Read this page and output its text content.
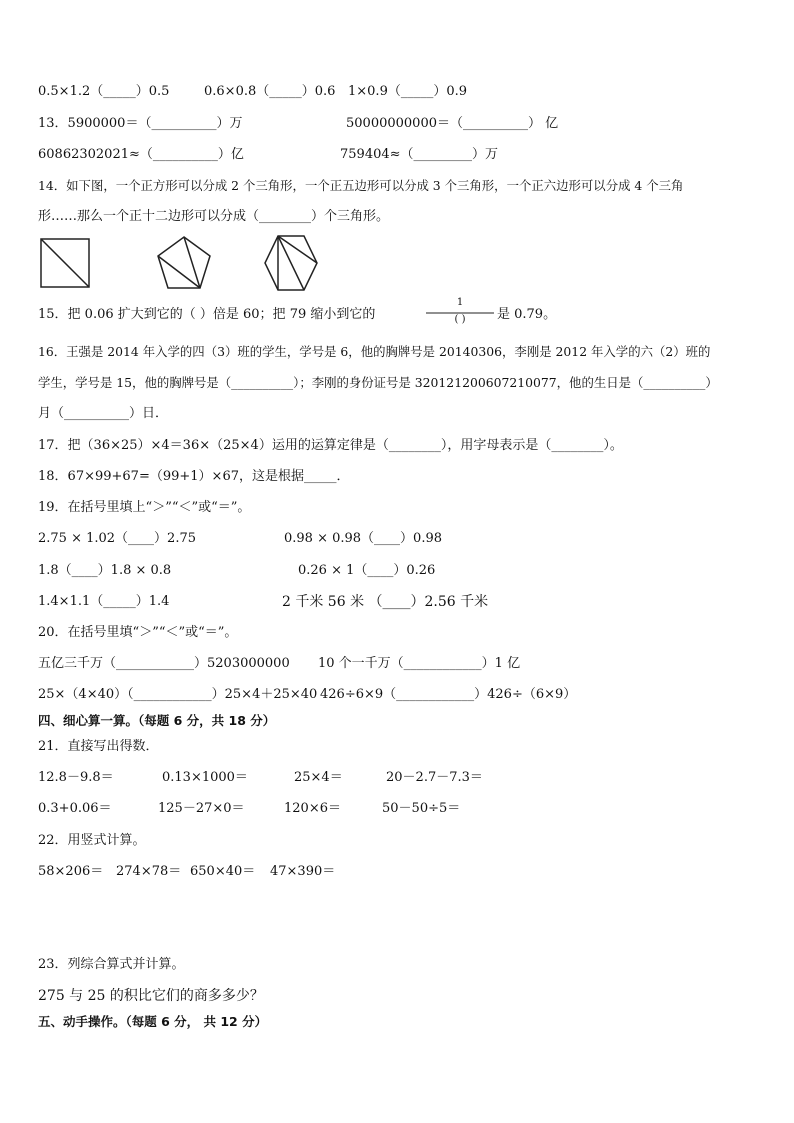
0.5×1.2（_____）0.5	0.6×0.8（_____）0.6 1×0.9（_____）0.9
13．5900000＝（__________）万	50000000000＝（__________） 亿
60862302021≈（__________）亿	759404≈（_________）万
14．如下图，一个正方形可以分成 2 个三角形，一个正五边形可以分成 3 个三角形，一个正六边形可以分成 4 个三角
形……那么一个正十二边形可以分成（________）个三角形。
15．把 0.06 扩大到它的（ ）倍是 60；把 79 缩小到它的
1
( )	是 0.79。
16．王强是 2014 年入学的四（3）班的学生，学号是 6，他的胸牌号是 20140306，李刚是 2012 年入学的六（2）班的
学生，学号是 15，他的胸牌号是（__________）；李刚的身份证号是 320121200607210077，他的生日是（__________）
月（__________）日．
17．把（36×25）×4＝36×（25×4）运用的运算定律是（________），用字母表示是（________）。
18．67×99+67=（99+1）×67，这是根据_____．
19．在括号里填上“＞”“＜”或“＝”。
2.75 × 1.02（____）2.75	0.98 × 0.98（____）0.98
1.8（____）1.8 × 0.8	0.26 × 1（____）0.26
1.4×1.1（_____）1.4	2 千米 56 米 （____）2.56 千米
20．在括号里填“＞”“＜”或“＝”。
五亿三千万（____________）5203000000 10 个一千万（____________）1 亿
25×（4×40）（____________）25×4＋25×40 426÷6×9（____________）426÷（6×9）
四、细心算一算。（每题 6 分，共 18 分）
21．直接写出得数．
12.8－9.8＝	0.13×1000＝	25×4＝	20－2.7－7.3＝
0.3+0.06＝	125－27×0＝	120×6＝	50－50÷5＝
22．用竖式计算。
58×206＝ 274×78＝ 650×40＝ 47×390＝
23．列综合算式并计算。
275 与 25 的积比它们的商多多少？
五、动手操作。（每题 6 分， 共 12 分）
